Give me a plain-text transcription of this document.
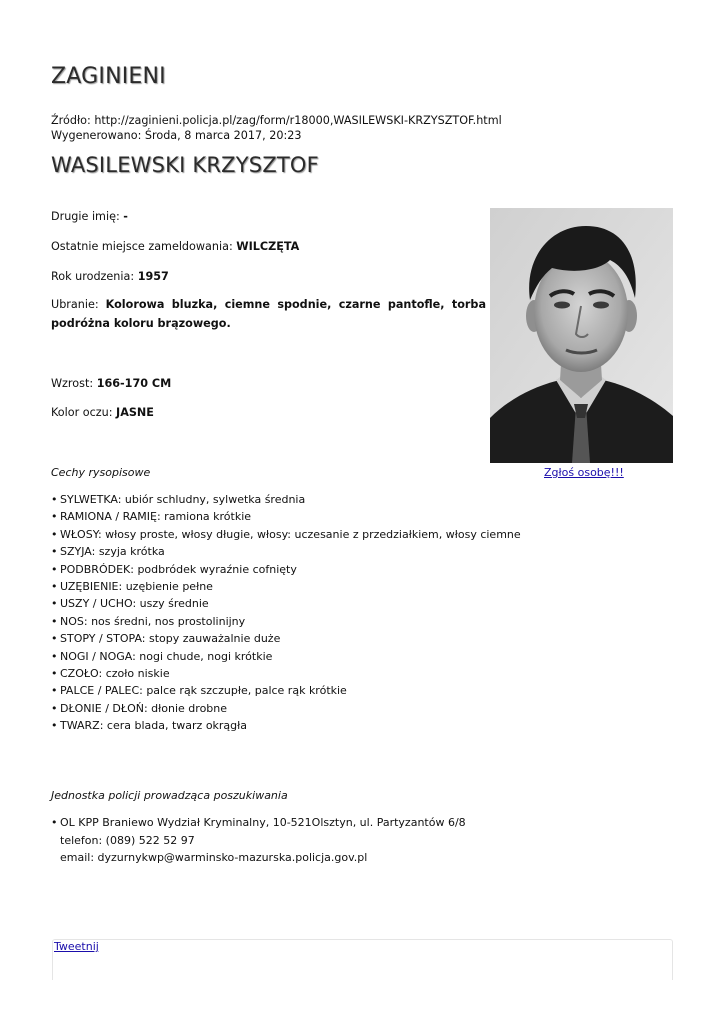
ZAGINIENI
Źródło: http://zaginieni.policja.pl/zag/form/r18000,WASILEWSKI-KRZYSZTOF.html
Wygenerowano: Środa, 8 marca 2017, 20:23
WASILEWSKI KRZYSZTOF
Drugie imię: -
Ostatnie miejsce zameldowania: WILCZĘTA
Rok urodzenia: 1957
Ubranie: Kolorowa bluzka, ciemne spodnie, czarne pantofle, torba podróżna koloru brązowego.
Wzrost: 166-170 CM
Kolor oczu: JASNE
Zgłoś osobę!!!
Cechy rysopisowe
• SYLWETKA: ubiór schludny, sylwetka średnia
• RAMIONA / RAMIĘ: ramiona krótkie
• WŁOSY: włosy proste, włosy długie, włosy: uczesanie z przedziałkiem, włosy ciemne
• SZYJA: szyja krótka
• PODBRÓDEK: podbródek wyraźnie cofnięty
• UZĘBIENIE: uzębienie pełne
• USZY / UCHO: uszy średnie
• NOS: nos średni, nos prostolinijny
• STOPY / STOPA: stopy zauważalnie duże
• NOGI / NOGA: nogi chude, nogi krótkie
• CZOŁO: czoło niskie
• PALCE / PALEC: palce rąk szczupłe, palce rąk krótkie
• DŁONIE / DŁOŃ: dłonie drobne
• TWARZ: cera blada, twarz okrągła
Jednostka policji prowadząca poszukiwania
• OL KPP Braniewo Wydział Kryminalny, 10-521Olsztyn, ul. Partyzantów 6/8
telefon: (089) 522 52 97
email: dyzurnykwp@warminsko-mazurska.policja.gov.pl
Tweetnij
